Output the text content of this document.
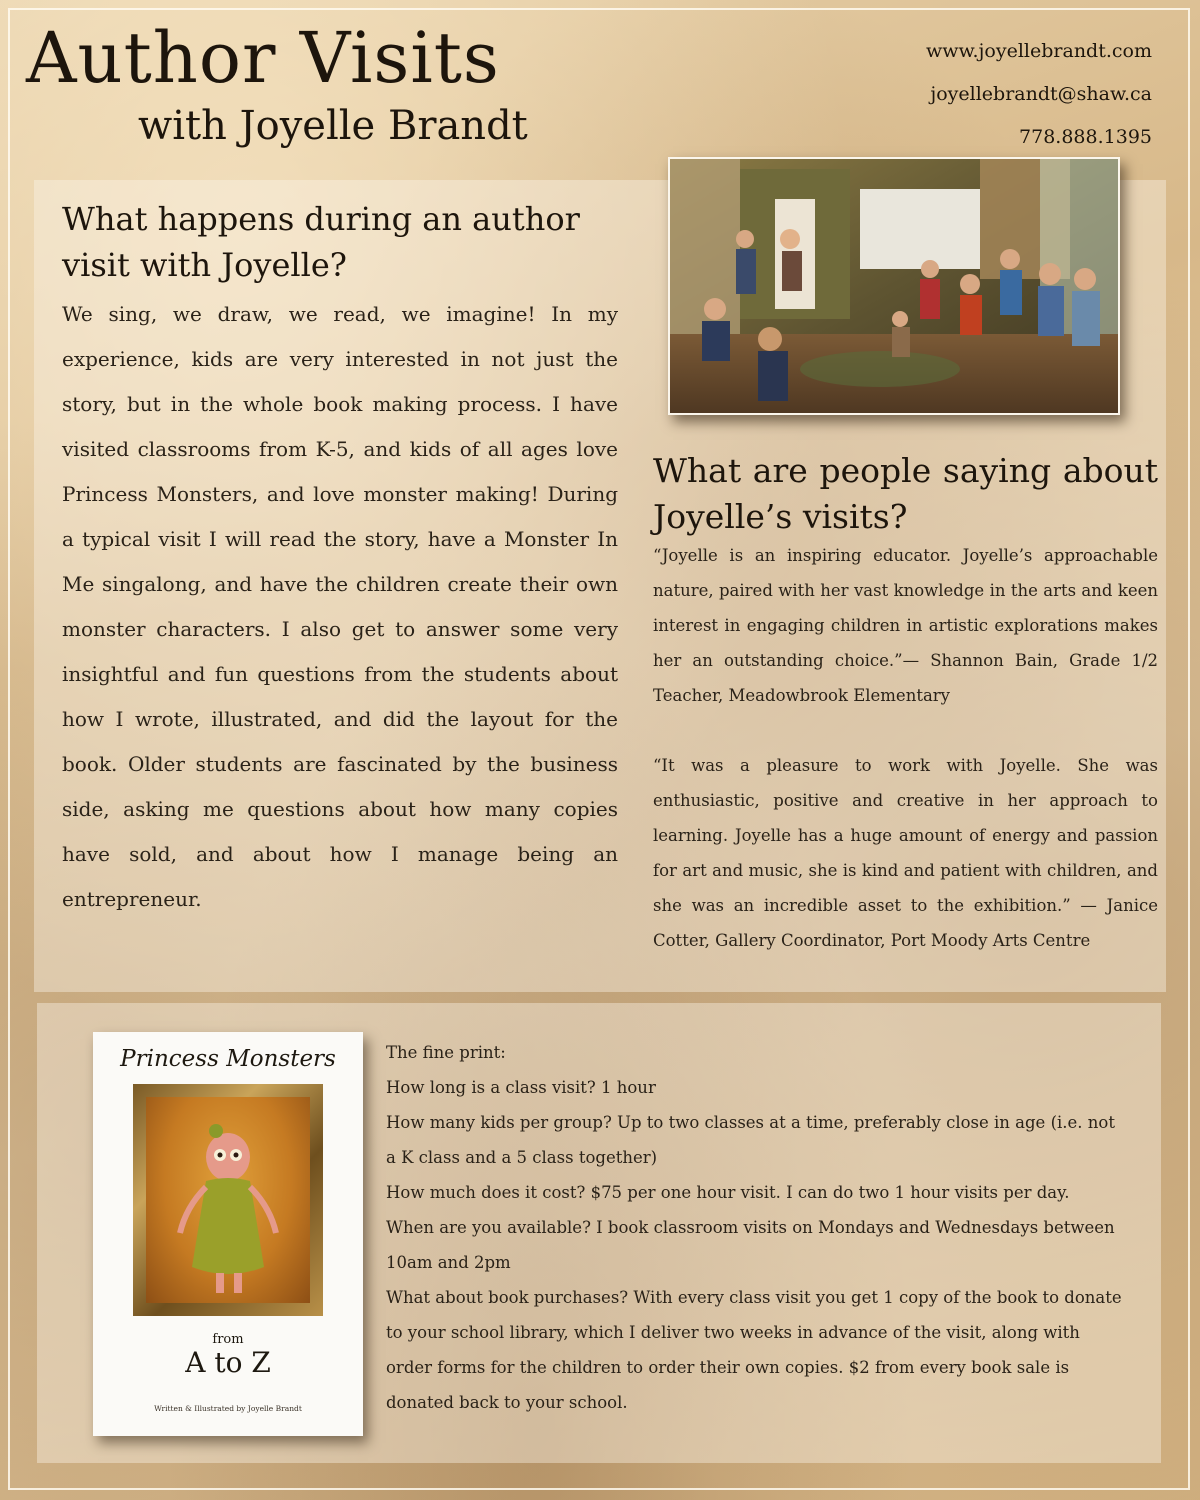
Author Visits
with Joyelle Brandt
www.joyellebrandt.com
joyellebrandt@shaw.ca
778.888.1395
What happens during an author visit with Joyelle?

We sing, we draw, we read, we imagine! In my experience, kids are very interested in not just the story, but in the whole book making process. I have visited classrooms from K-5, and kids of all ages love Princess Monsters, and love monster making! During a typical visit I will read the story, have a Monster In Me singalong, and have the children create their own monster characters. I also get to answer some very insightful and fun questions from the students about how I wrote, illustrated, and did the layout for the book. Older students are fascinated by the business side, asking me questions about how many copies have sold, and about how I manage being an entrepreneur.

What are people saying about Joyelle’s visits?

“Joyelle is an inspiring educator. Joyelle’s approachable nature, paired with her vast knowledge in the arts and keen interest in engaging children in artistic explorations makes her an outstanding choice.”— Shannon Bain, Grade 1/2 Teacher, Meadowbrook Elementary

“It was a pleasure to work with Joyelle. She was enthusiastic, positive and creative in her approach to learning. Joyelle has a huge amount of energy and passion for art and music, she is kind and patient with children, and she was an incredible asset to the exhibition.” — Janice Cotter, Gallery Coordinator, Port Moody Arts Centre

Princess Monsters
from
A to Z
Written & Illustrated by Joyelle Brandt

The fine print:

How long is a class visit? 1 hour

How many kids per group? Up to two classes at a time, preferably close in age (i.e. not a K class and a 5 class together)

How much does it cost? $75 per one hour visit. I can do two 1 hour visits per day.

When are you available? I book classroom visits on Mondays and Wednesdays between 10am and 2pm

What about book purchases? With every class visit you get 1 copy of the book to donate to your school library, which I deliver two weeks in advance of the visit, along with order forms for the children to order their own copies. $2 from every book sale is donated back to your school.
